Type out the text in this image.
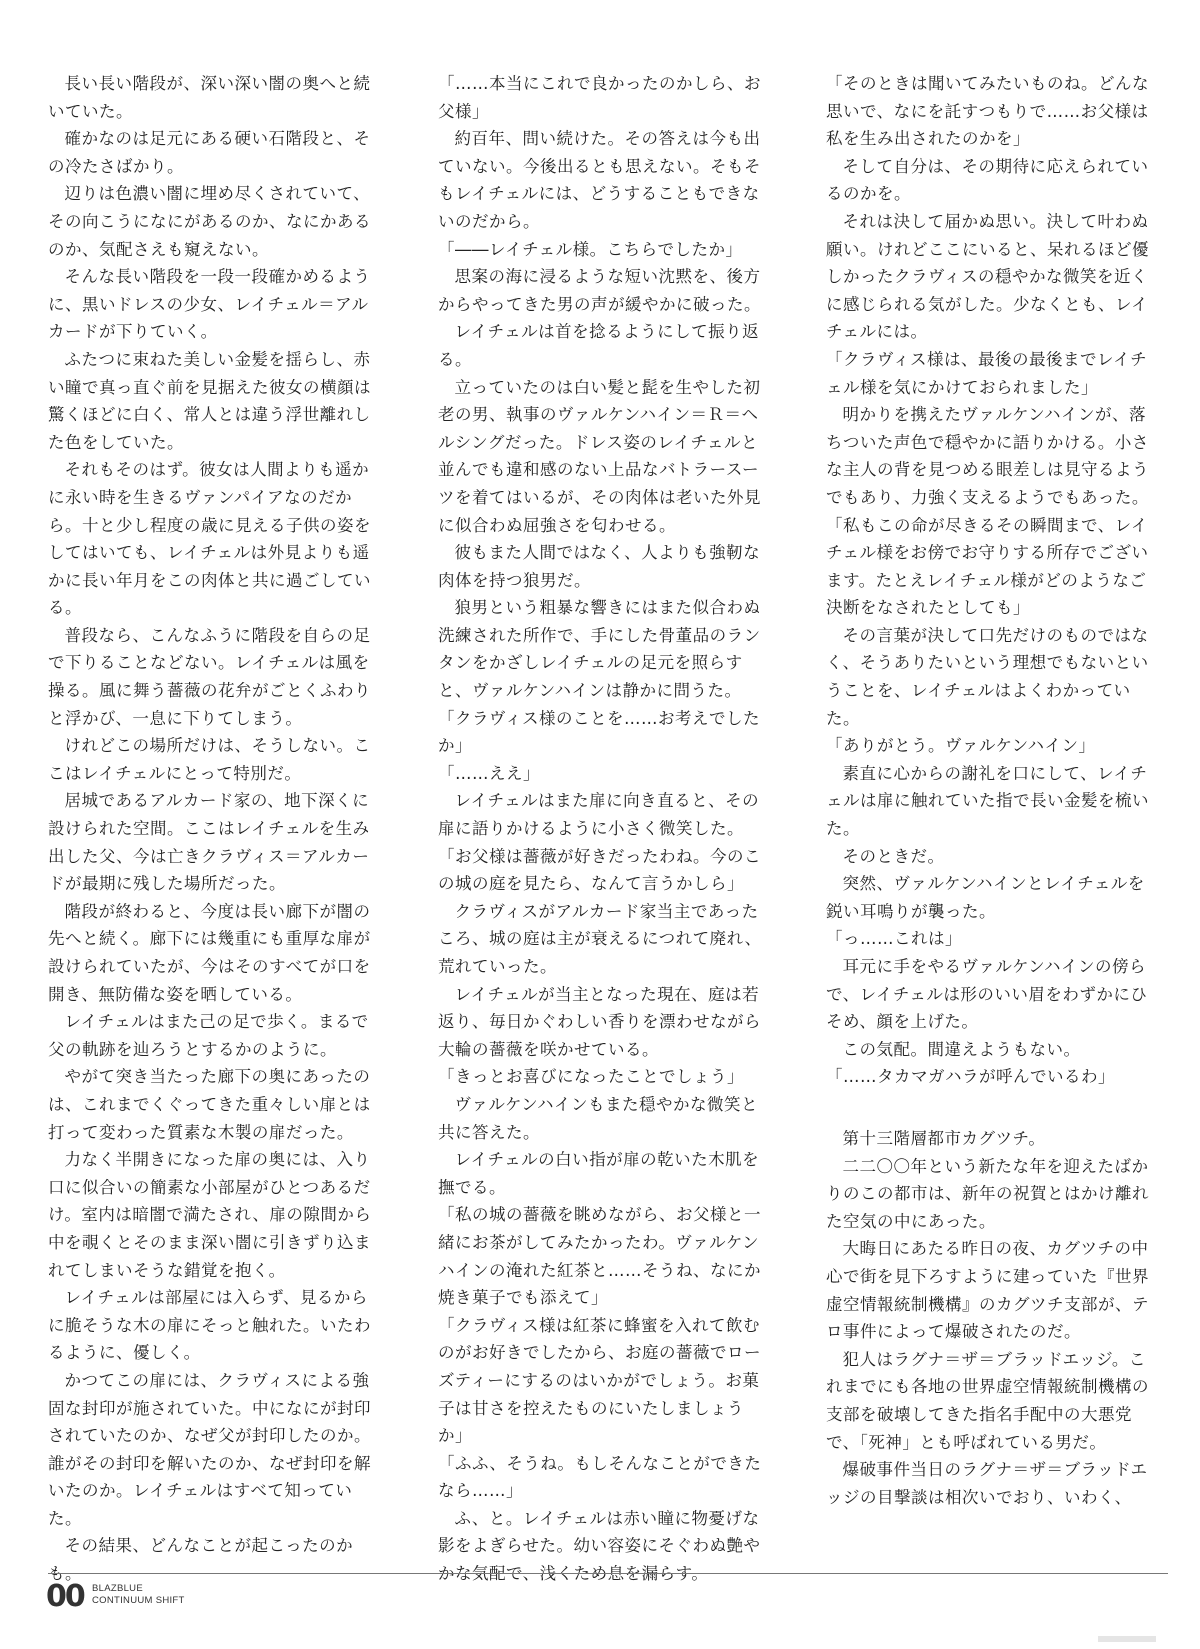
長い長い階段が、深い深い闇の奥へと続いていた。

確かなのは足元にある硬い石階段と、その冷たさばかり。

辺りは色濃い闇に埋め尽くされていて、その向こうになにがあるのか、なにかあるのか、気配さえも窺えない。

そんな長い階段を一段一段確かめるように、黒いドレスの少女、レイチェル＝アルカードが下りていく。

ふたつに束ねた美しい金髪を揺らし、赤い瞳で真っ直ぐ前を見据えた彼女の横顔は驚くほどに白く、常人とは違う浮世離れした色をしていた。

それもそのはず。彼女は人間よりも遥かに永い時を生きるヴァンパイアなのだから。十と少し程度の歳に見える子供の姿をしてはいても、レイチェルは外見よりも遥かに長い年月をこの肉体と共に過ごしている。

普段なら、こんなふうに階段を自らの足で下りることなどない。レイチェルは風を操る。風に舞う薔薇の花弁がごとくふわりと浮かび、一息に下りてしまう。

けれどこの場所だけは、そうしない。ここはレイチェルにとって特別だ。

居城であるアルカード家の、地下深くに設けられた空間。ここはレイチェルを生み出した父、今は亡きクラヴィス＝アルカードが最期に残した場所だった。

階段が終わると、今度は長い廊下が闇の先へと続く。廊下には幾重にも重厚な扉が設けられていたが、今はそのすべてが口を開き、無防備な姿を晒している。

レイチェルはまた己の足で歩く。まるで父の軌跡を辿ろうとするかのように。

やがて突き当たった廊下の奥にあったのは、これまでくぐってきた重々しい扉とは打って変わった質素な木製の扉だった。

力なく半開きになった扉の奥には、入り口に似合いの簡素な小部屋がひとつあるだけ。室内は暗闇で満たされ、扉の隙間から中を覗くとそのまま深い闇に引きずり込まれてしまいそうな錯覚を抱く。

レイチェルは部屋には入らず、見るからに脆そうな木の扉にそっと触れた。いたわるように、優しく。

かつてこの扉には、クラヴィスによる強固な封印が施されていた。中になにが封印されていたのか、なぜ父が封印したのか。誰がその封印を解いたのか、なぜ封印を解いたのか。レイチェルはすべて知っていた。

その結果、どんなことが起こったのかも。

「……本当にこれで良かったのかしら、お父様」

約百年、問い続けた。その答えは今も出ていない。今後出るとも思えない。そもそもレイチェルには、どうすることもできないのだから。

「――レイチェル様。こちらでしたか」

思案の海に浸るような短い沈黙を、後方からやってきた男の声が緩やかに破った。

レイチェルは首を捻るようにして振り返る。

立っていたのは白い髪と髭を生やした初老の男、執事のヴァルケンハイン＝Ｒ＝ヘルシングだった。ドレス姿のレイチェルと並んでも違和感のない上品なバトラースーツを着てはいるが、その肉体は老いた外見に似合わぬ屈強さを匂わせる。

彼もまた人間ではなく、人よりも強靭な肉体を持つ狼男だ。

狼男という粗暴な響きにはまた似合わぬ洗練された所作で、手にした骨董品のランタンをかざしレイチェルの足元を照らすと、ヴァルケンハインは静かに問うた。

「クラヴィス様のことを……お考えでしたか」

「……ええ」

レイチェルはまた扉に向き直ると、その扉に語りかけるように小さく微笑した。

「お父様は薔薇が好きだったわね。今のこの城の庭を見たら、なんて言うかしら」

クラヴィスがアルカード家当主であったころ、城の庭は主が衰えるにつれて廃れ、荒れていった。

レイチェルが当主となった現在、庭は若返り、毎日かぐわしい香りを漂わせながら大輪の薔薇を咲かせている。

「きっとお喜びになったことでしょう」

ヴァルケンハインもまた穏やかな微笑と共に答えた。

レイチェルの白い指が扉の乾いた木肌を撫でる。

「私の城の薔薇を眺めながら、お父様と一緒にお茶がしてみたかったわ。ヴァルケンハインの淹れた紅茶と……そうね、なにか焼き菓子でも添えて」

「クラヴィス様は紅茶に蜂蜜を入れて飲むのがお好きでしたから、お庭の薔薇でローズティーにするのはいかがでしょう。お菓子は甘さを控えたものにいたしましょうか」

「ふふ、そうね。もしそんなことができたなら……」

ふ、と。レイチェルは赤い瞳に物憂げな影をよぎらせた。幼い容姿にそぐわぬ艶やかな気配で、浅くため息を漏らす。

「そのときは聞いてみたいものね。どんな思いで、なにを託すつもりで……お父様は私を生み出されたのかを」

そして自分は、その期待に応えられているのかを。

それは決して届かぬ思い。決して叶わぬ願い。けれどここにいると、呆れるほど優しかったクラヴィスの穏やかな微笑を近くに感じられる気がした。少なくとも、レイチェルには。

「クラヴィス様は、最後の最後までレイチェル様を気にかけておられました」

明かりを携えたヴァルケンハインが、落ちついた声色で穏やかに語りかける。小さな主人の背を見つめる眼差しは見守るようでもあり、力強く支えるようでもあった。

「私もこの命が尽きるその瞬間まで、レイチェル様をお傍でお守りする所存でございます。たとえレイチェル様がどのようなご決断をなされたとしても」

その言葉が決して口先だけのものではなく、そうありたいという理想でもないということを、レイチェルはよくわかっていた。

「ありがとう。ヴァルケンハイン」

素直に心からの謝礼を口にして、レイチェルは扉に触れていた指で長い金髪を梳いた。

そのときだ。

突然、ヴァルケンハインとレイチェルを鋭い耳鳴りが襲った。

「っ……これは」

耳元に手をやるヴァルケンハインの傍らで、レイチェルは形のいい眉をわずかにひそめ、顔を上げた。

この気配。間違えようもない。

「……タカマガハラが呼んでいるわ」

第十三階層都市カグツチ。

二二〇〇年という新たな年を迎えたばかりのこの都市は、新年の祝賀とはかけ離れた空気の中にあった。

大晦日にあたる昨日の夜、カグツチの中心で街を見下ろすように建っていた『世界虚空情報統制機構』のカグツチ支部が、テロ事件によって爆破されたのだ。

犯人はラグナ＝ザ＝ブラッドエッジ。これまでにも各地の世界虚空情報統制機構の支部を破壊してきた指名手配中の大悪党で、「死神」とも呼ばれている男だ。

爆破事件当日のラグナ＝ザ＝ブラッドエッジの目撃談は相次いでおり、いわく、

00 BLAZBLUE
CONTINUUM SHIFT
